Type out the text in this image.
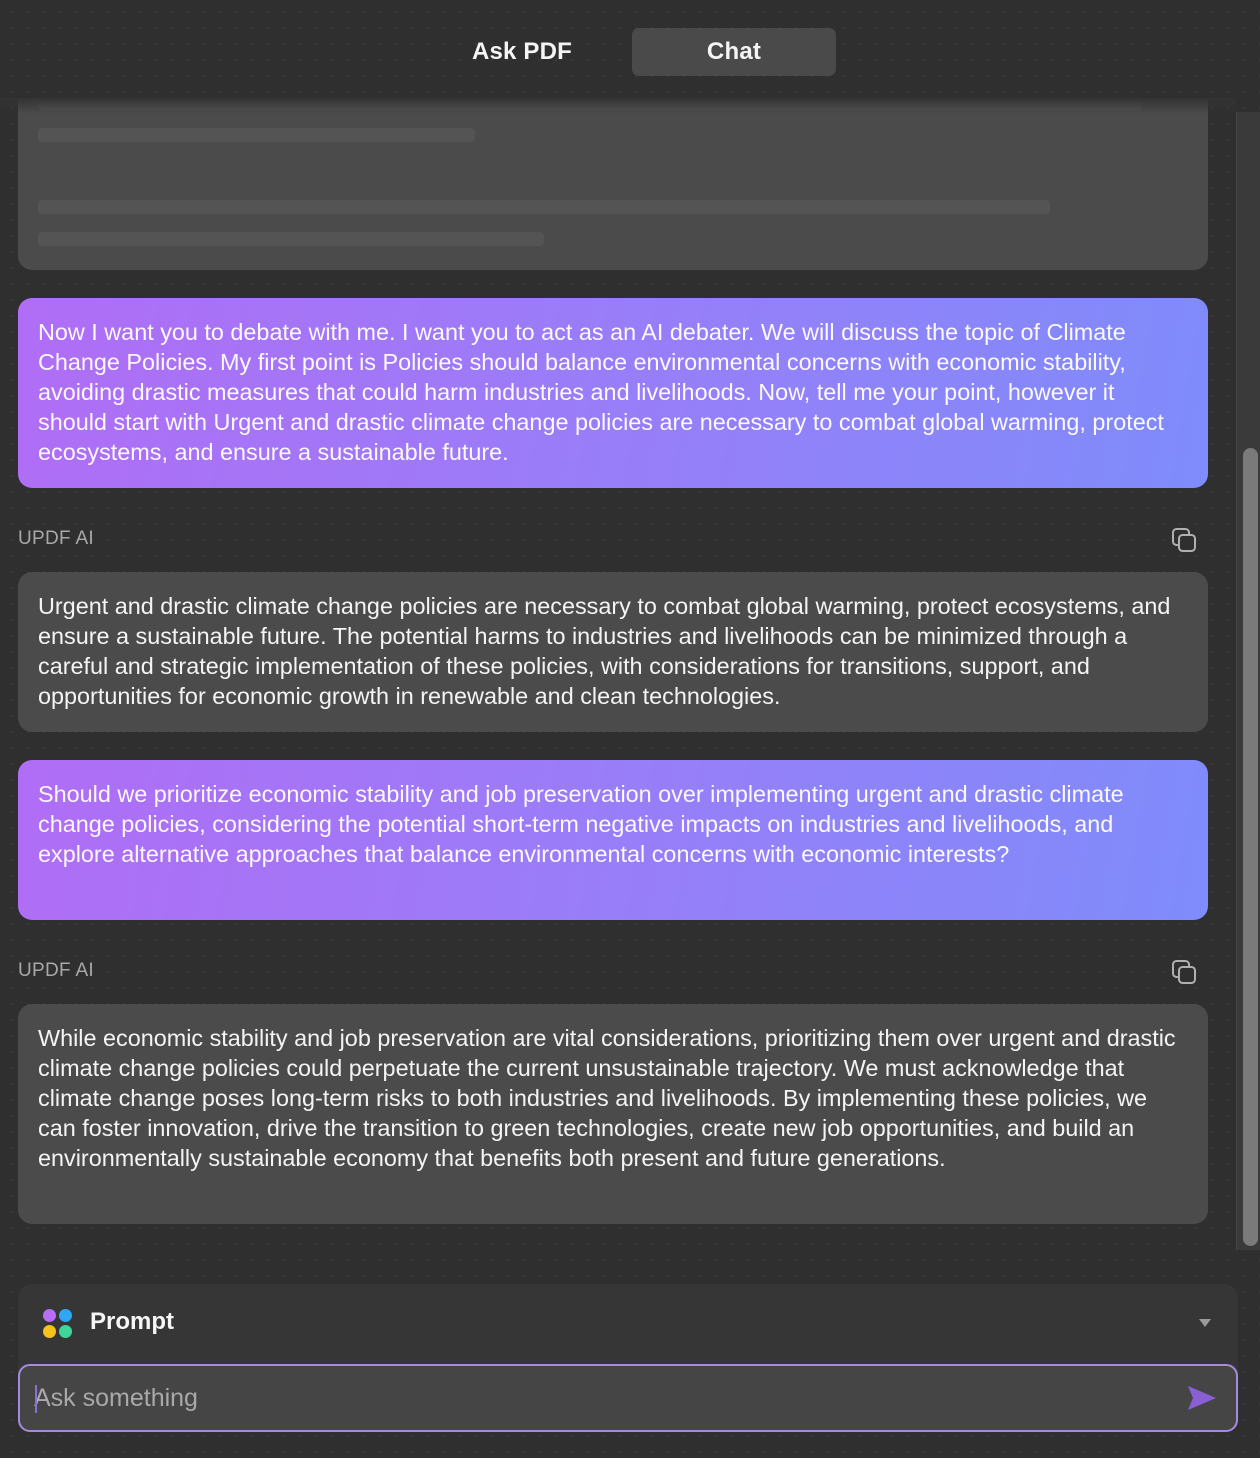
Ask PDF	Chat
Now I want you to debate with me. I want you to act as an AI debater. We will discuss the topic of Climate Change Policies. My first point is Policies should balance environmental concerns with economic stability, avoiding drastic measures that could harm industries and livelihoods. Now, tell me your point, however it should start with Urgent and drastic climate change policies are necessary to combat global warming, protect ecosystems, and ensure a sustainable future.
UPDF AI
Urgent and drastic climate change policies are necessary to combat global warming, protect ecosystems, and ensure a sustainable future. The potential harms to industries and livelihoods can be minimized through a careful and strategic implementation of these policies, with considerations for transitions, support, and opportunities for economic growth in renewable and clean technologies.
Should we prioritize economic stability and job preservation over implementing urgent and drastic climate change policies, considering the potential short-term negative impacts on industries and livelihoods, and explore alternative approaches that balance environmental concerns with economic interests?
UPDF AI
While economic stability and job preservation are vital considerations, prioritizing them over urgent and drastic climate change policies could perpetuate the current unsustainable trajectory. We must acknowledge that climate change poses long-term risks to both industries and livelihoods. By implementing these policies, we can foster innovation, drive the transition to green technologies, create new job opportunities, and build an environmentally sustainable economy that benefits both present and future generations.
Prompt
Ask something
